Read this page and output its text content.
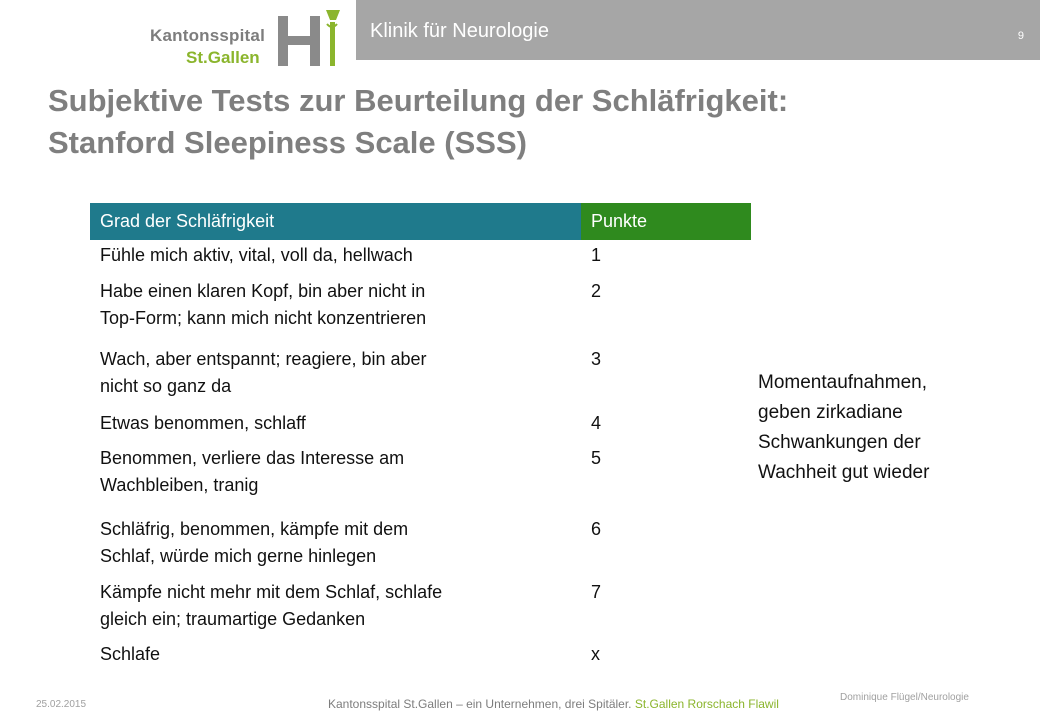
Kantonsspital
St.Gallen
Klinik für Neurologie	9
Subjektive Tests zur Beurteilung der Schläfrigkeit:
Stanford Sleepiness Scale (SSS)
Grad der Schläfrigkeit	Punkte
Fühle mich aktiv, vital, voll da, hellwach	1
Habe einen klaren Kopf, bin aber nicht in
Top-Form; kann mich nicht konzentrieren	2
Wach, aber entspannt; reagiere, bin aber
nicht so ganz da	3
Etwas benommen, schlaff	4
Benommen, verliere das Interesse am
Wachbleiben, tranig	5
Schläfrig, benommen, kämpfe mit dem
Schlaf, würde mich gerne hinlegen	6
Kämpfe nicht mehr mit dem Schlaf, schlafe
gleich ein; traumartige Gedanken	7
Schlafe	x
Momentaufnahmen,
geben zirkadiane
Schwankungen der
Wachheit gut wieder
25.02.2015	Kantonsspital St.Gallen – ein Unternehmen, drei Spitäler. St.Gallen Rorschach Flawil	Dominique Flügel/Neurologie
